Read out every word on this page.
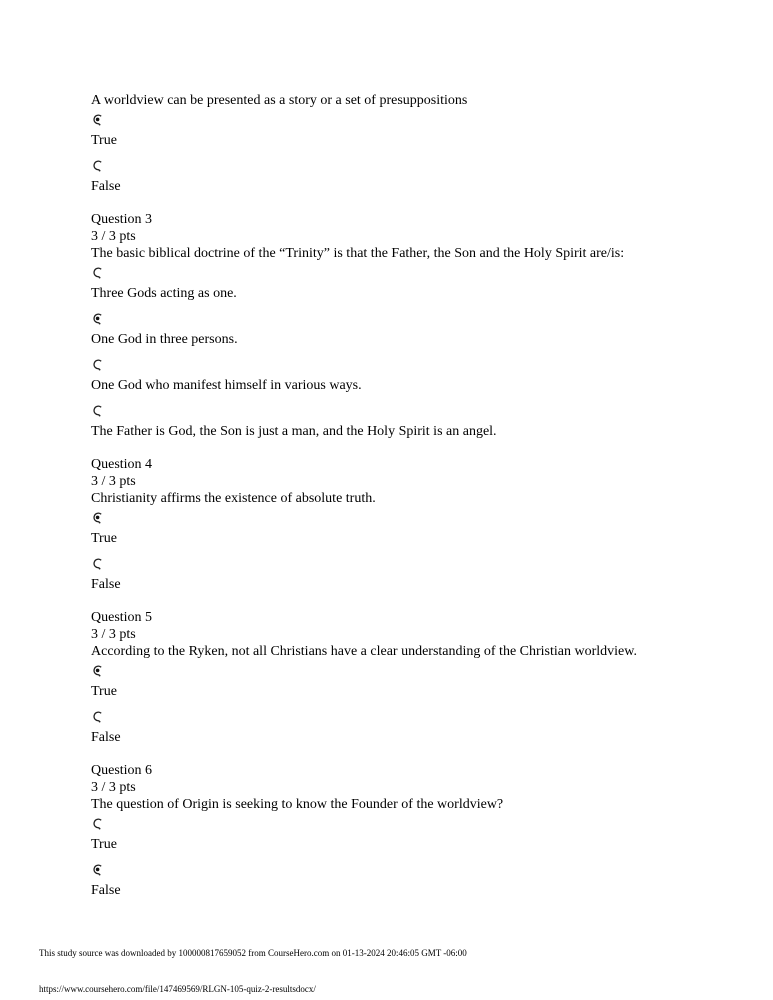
A worldview can be presented as a story or a set of presuppositions
True
False
Question 3
3 / 3 pts
The basic biblical doctrine of the “Trinity” is that the Father, the Son and the Holy Spirit are/is:
Three Gods acting as one.
One God in three persons.
One God who manifest himself in various ways.
The Father is God, the Son is just a man, and the Holy Spirit is an angel.
Question 4
3 / 3 pts
Christianity affirms the existence of absolute truth.
True
False
Question 5
3 / 3 pts
According to the Ryken, not all Christians have a clear understanding of the Christian worldview.
True
False
Question 6
3 / 3 pts
The question of Origin is seeking to know the Founder of the worldview?
True
False
This study source was downloaded by 100000817659052 from CourseHero.com on 01-13-2024 20:46:05 GMT -06:00
https://www.coursehero.com/file/147469569/RLGN-105-quiz-2-resultsdocx/
